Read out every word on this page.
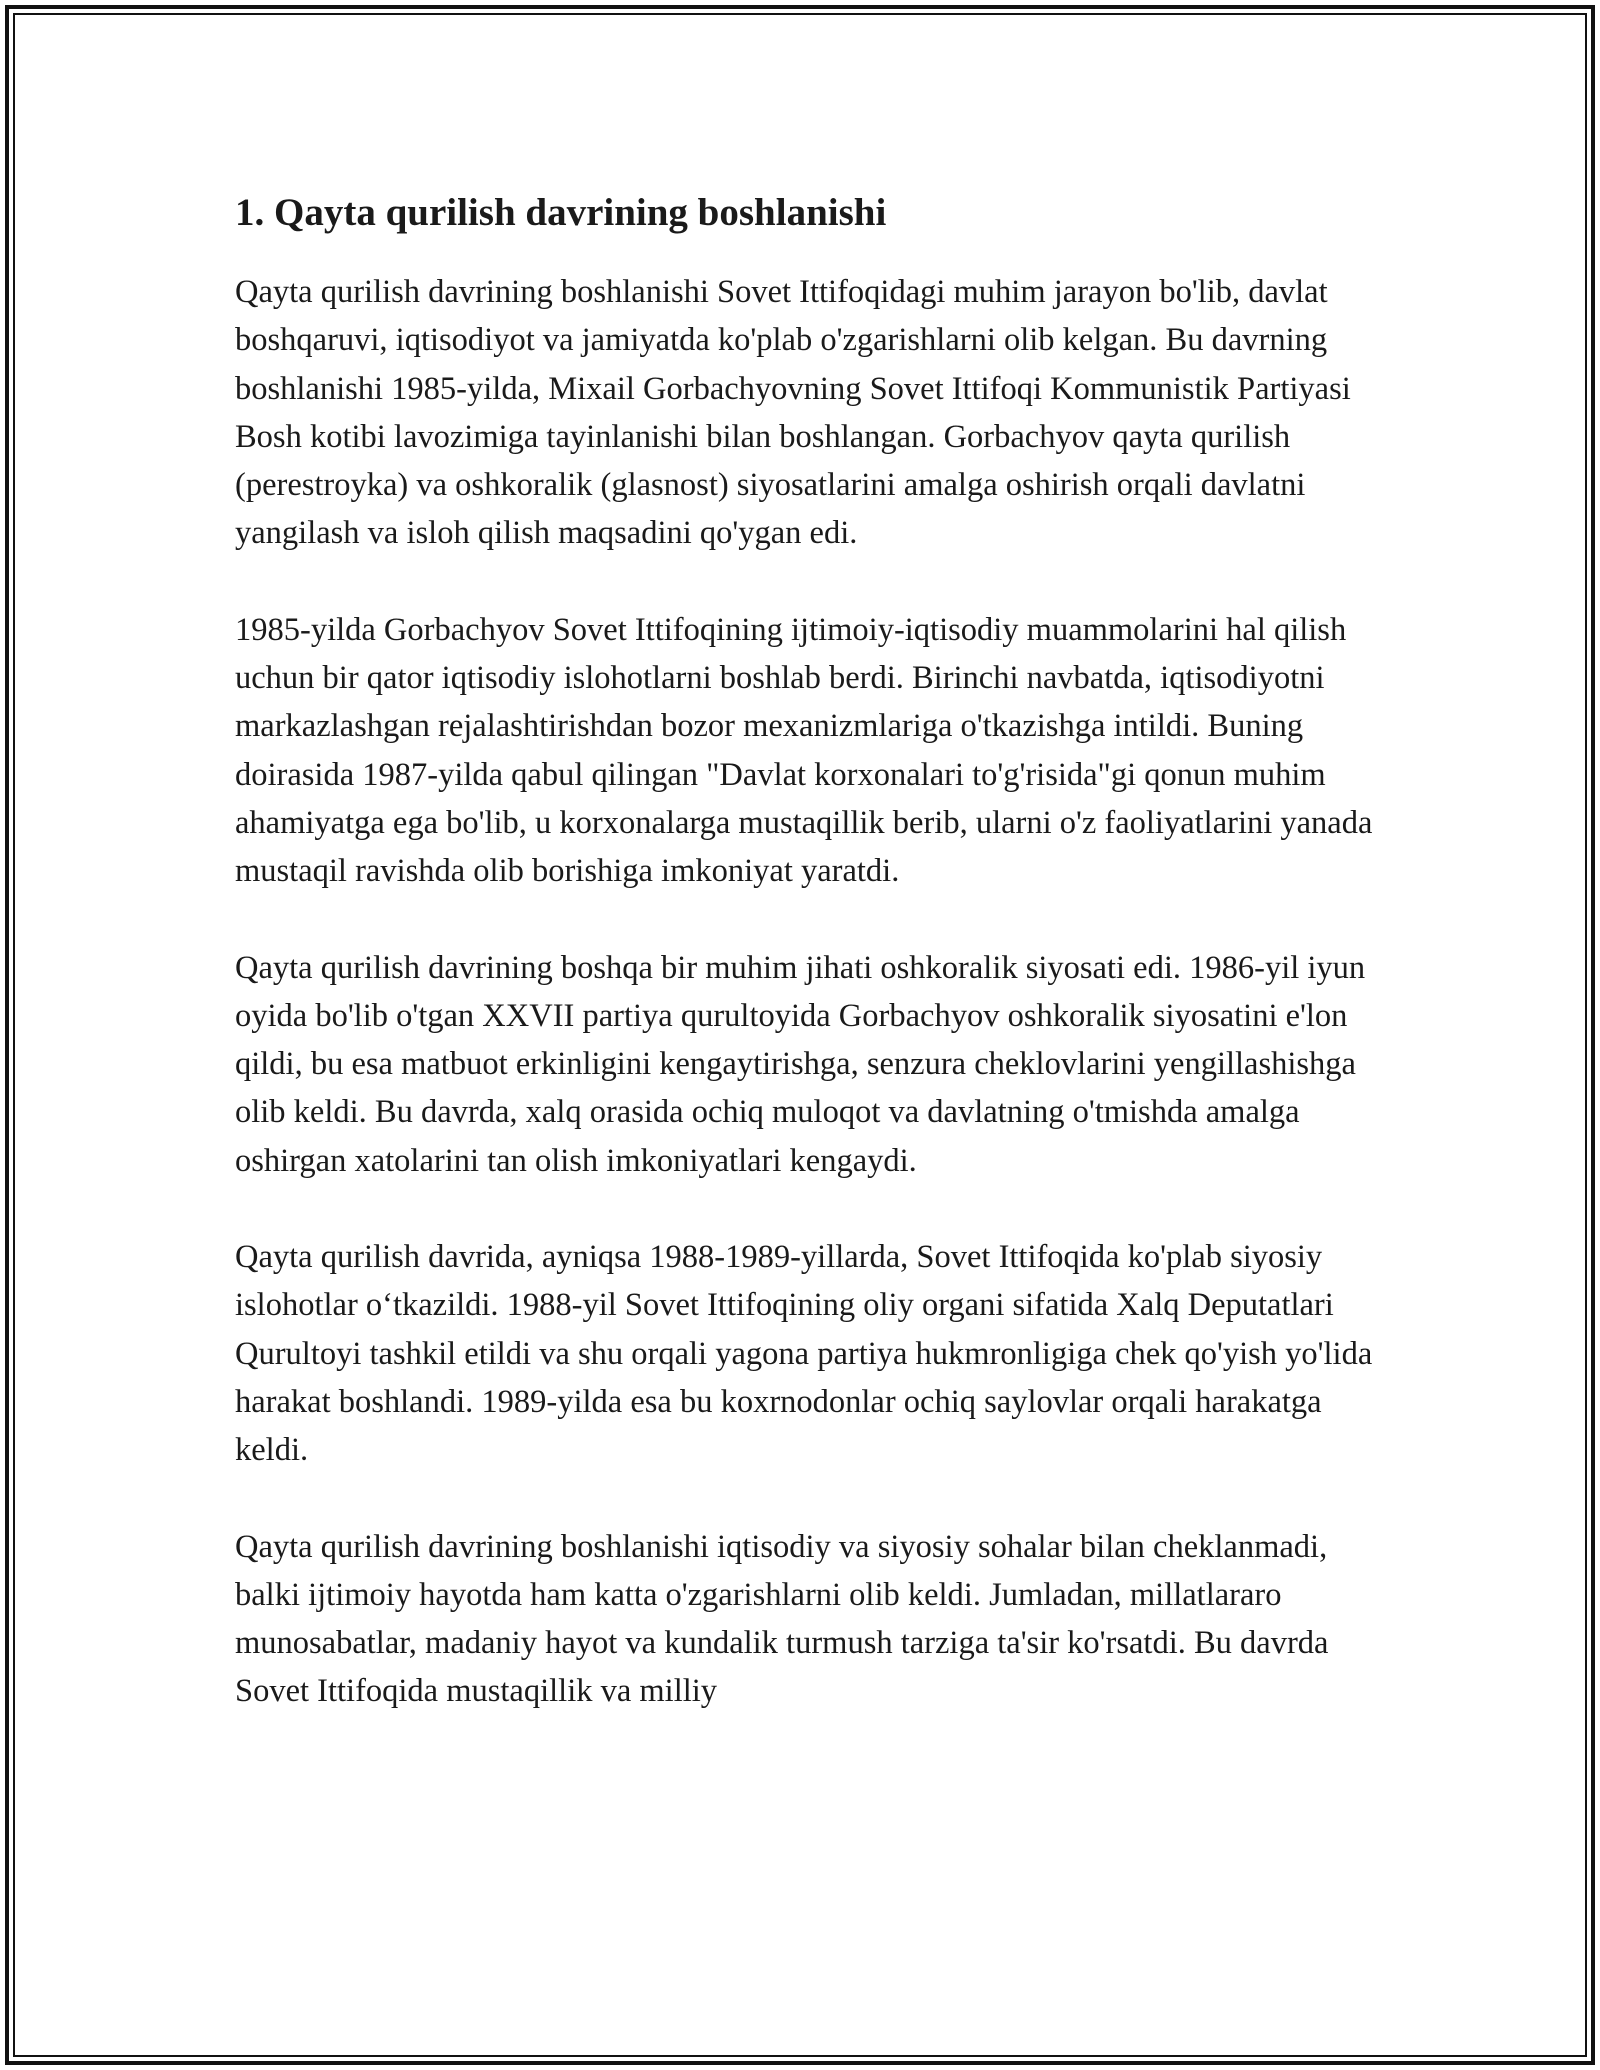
1. Qayta qurilish davrining boshlanishi

Qayta qurilish davrining boshlanishi Sovet Ittifoqidagi muhim jarayon bo'lib, davlat boshqaruvi, iqtisodiyot va jamiyatda ko'plab o'zgarishlarni olib kelgan. Bu davrning boshlanishi 1985-yilda, Mixail Gorbachyovning Sovet Ittifoqi Kommunistik Partiyasi Bosh kotibi lavozimiga tayinlanishi bilan boshlangan. Gorbachyov qayta qurilish (perestroyka) va oshkoralik (glasnost) siyosatlarini amalga oshirish orqali davlatni yangilash va isloh qilish maqsadini qo'ygan edi.

1985-yilda Gorbachyov Sovet Ittifoqining ijtimoiy-iqtisodiy muammolarini hal qilish uchun bir qator iqtisodiy islohotlarni boshlab berdi. Birinchi navbatda, iqtisodiyotni markazlashgan rejalashtirishdan bozor mexanizmlariga o'tkazishga intildi. Buning doirasida 1987-yilda qabul qilingan "Davlat korxonalari to'g'risida"gi qonun muhim ahamiyatga ega bo'lib, u korxonalarga mustaqillik berib, ularni o'z faoliyatlarini yanada mustaqil ravishda olib borishiga imkoniyat yaratdi.

Qayta qurilish davrining boshqa bir muhim jihati oshkoralik siyosati edi. 1986-yil iyun oyida bo'lib o'tgan XXVII partiya qurultoyida Gorbachyov oshkoralik siyosatini e'lon qildi, bu esa matbuot erkinligini kengaytirishga, senzura cheklovlarini yengillashishga olib keldi. Bu davrda, xalq orasida ochiq muloqot va davlatning o'tmishda amalga oshirgan xatolarini tan olish imkoniyatlari kengaydi.

Qayta qurilish davrida, ayniqsa 1988-1989-yillarda, Sovet Ittifoqida ko'plab siyosiy islohotlar o‘tkazildi. 1988-yil Sovet Ittifoqining oliy organi sifatida Xalq Deputatlari Qurultoyi tashkil etildi va shu orqali yagona partiya hukmronligiga chek qo'yish yo'lida harakat boshlandi. 1989-yilda esa bu koxrnodonlar ochiq saylovlar orqali harakatga keldi.

Qayta qurilish davrining boshlanishi iqtisodiy va siyosiy sohalar bilan cheklanmadi, balki ijtimoiy hayotda ham katta o'zgarishlarni olib keldi. Jumladan, millatlararo munosabatlar, madaniy hayot va kundalik turmush tarziga ta'sir ko'rsatdi. Bu davrda Sovet Ittifoqida mustaqillik va milliy
